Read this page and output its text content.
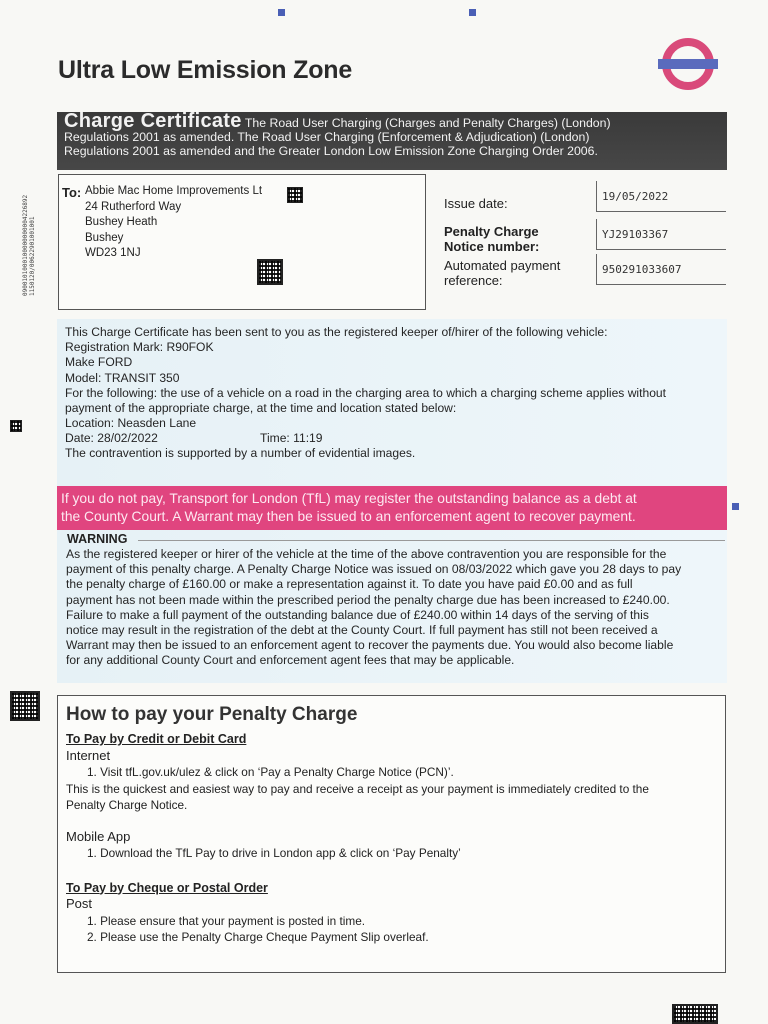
Ultra Low Emission Zone
Charge Certificate The Road User Charging (Charges and Penalty Charges) (London)
Regulations 2001 as amended. The Road User Charging (Enforcement & Adjudication) (London)
Regulations 2001 as amended and the Greater London Low Emission Zone Charging Order 2006.
0900101000100000000004226892 1150120/00622901001001
To: Abbie Mac Home Improvements Lt
24 Rutherford Way
Bushey Heath
Bushey
WD23 1NJ
Issue date:	19/05/2022
Penalty Charge
Notice number:
YJ29103367
Automated payment
reference:
950291033607
This Charge Certificate has been sent to you as the registered keeper of/hirer of the following vehicle:
Registration Mark: R90FOK
Make FORD
Model: TRANSIT 350
For the following: the use of a vehicle on a road in the charging area to which a charging scheme applies without
payment of the appropriate charge, at the time and location stated below:
Location: Neasden Lane
Date: 28/02/2022	Time: 11:19
The contravention is supported by a number of evidential images.
If you do not pay, Transport for London (TfL) may register the outstanding balance as a debt at
the County Court. A Warrant may then be issued to an enforcement agent to recover payment.
WARNING
As the registered keeper or hirer of the vehicle at the time of the above contravention you are responsible for the
payment of this penalty charge. A Penalty Charge Notice was issued on 08/03/2022 which gave you 28 days to pay
the penalty charge of £160.00 or make a representation against it. To date you have paid £0.00 and as full
payment has not been made within the prescribed period the penalty charge due has been increased to £240.00.
Failure to make a full payment of the outstanding balance due of £240.00 within 14 days of the serving of this
notice may result in the registration of the debt at the County Court. If full payment has still not been received a
Warrant may then be issued to an enforcement agent to recover the payments due. You would also become liable
for any additional County Court and enforcement agent fees that may be applicable.
How to pay your Penalty Charge
To Pay by Credit or Debit Card
Internet
1. Visit tfL.gov.uk/ulez & click on ‘Pay a Penalty Charge Notice (PCN)’.
This is the quickest and easiest way to pay and receive a receipt as your payment is immediately credited to the
Penalty Charge Notice.
Mobile App
1. Download the TfL Pay to drive in London app & click on ‘Pay Penalty’
To Pay by Cheque or Postal Order
Post
1. Please ensure that your payment is posted in time.
2. Please use the Penalty Charge Cheque Payment Slip overleaf.
